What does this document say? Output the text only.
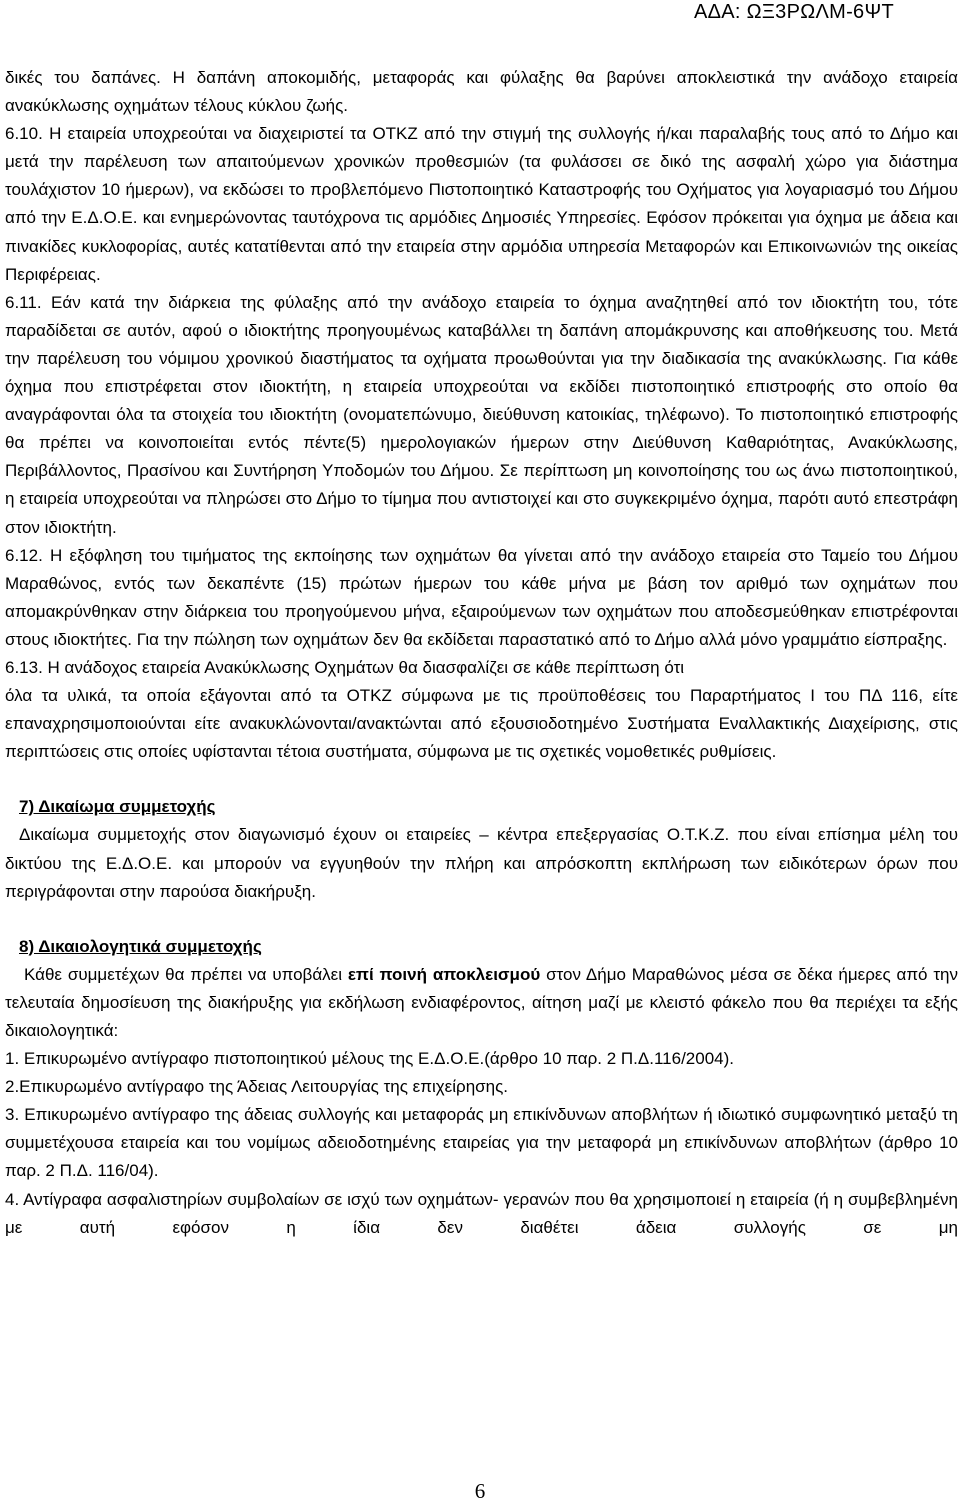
ΑΔΑ: ΩΞ3ΡΩΛΜ-6ΨΤ

δικές του δαπάνες. Η δαπάνη αποκομιδής, μεταφοράς και φύλαξης θα βαρύνει αποκλειστικά την ανάδοχο εταιρεία ανακύκλωσης οχημάτων τέλους κύκλου ζωής.

6.10. Η εταιρεία υποχρεούται να διαχειριστεί τα ΟΤΚΖ από την στιγμή της συλλογής ή/και παραλαβής τους από το Δήμο και μετά την παρέλευση των απαιτούμενων χρονικών προθεσμιών (τα φυλάσσει σε δικό της ασφαλή χώρο για διάστημα τουλάχιστον 10 ήμερων), να εκδώσει το προβλεπόμενο Πιστοποιητικό Καταστροφής του Οχήματος για λογαριασμό του Δήμου από την Ε.Δ.Ο.Ε. και ενημερώνοντας ταυτόχρονα τις αρμόδιες Δημοσιές Υπηρεσίες. Εφόσον πρόκειται για όχημα με άδεια και πινακίδες κυκλοφορίας, αυτές κατατίθενται από την εταιρεία στην αρμόδια υπηρεσία Μεταφορών και Επικοινωνιών της οικείας Περιφέρειας.

6.11. Εάν κατά την διάρκεια της φύλαξης από την ανάδοχο εταιρεία το όχημα αναζητηθεί από τον ιδιοκτήτη του, τότε παραδίδεται σε αυτόν, αφού ο ιδιοκτήτης προηγουμένως καταβάλλει τη δαπάνη απομάκρυνσης και αποθήκευσης του. Μετά την παρέλευση του νόμιμου χρονικού διαστήματος τα οχήματα προωθούνται για την διαδικασία της ανακύκλωσης. Για κάθε όχημα που επιστρέφεται στον ιδιοκτήτη, η εταιρεία υποχρεούται να εκδίδει πιστοποιητικό επιστροφής στο οποίο θα αναγράφονται όλα τα στοιχεία του ιδιοκτήτη (ονοματεπώνυμο, διεύθυνση κατοικίας, τηλέφωνο). Το πιστοποιητικό επιστροφής θα πρέπει να κοινοποιείται εντός πέντε(5) ημερολογιακών ήμερων στην Διεύθυνση Καθαριότητας, Ανακύκλωσης, Περιβάλλοντος, Πρασίνου και Συντήρηση Υποδομών του Δήμου. Σε περίπτωση μη κοινοποίησης του ως άνω πιστοποιητικού, η εταιρεία υποχρεούται να πληρώσει στο Δήμο το τίμημα που αντιστοιχεί και στο συγκεκριμένο όχημα, παρότι αυτό επεστράφη στον ιδιοκτήτη.

6.12. Η εξόφληση του τιμήματος της εκποίησης των οχημάτων θα γίνεται από την ανάδοχο εταιρεία στο Ταμείο του Δήμου Μαραθώνος, εντός των δεκαπέντε (15) πρώτων ήμερων του κάθε μήνα με βάση τον αριθμό των οχημάτων που απομακρύνθηκαν στην διάρκεια του προηγούμενου μήνα, εξαιρούμενων των οχημάτων που αποδεσμεύθηκαν επιστρέφονται στους ιδιοκτήτες. Για την πώληση των οχημάτων δεν θα εκδίδεται παραστατικό από το Δήμο αλλά μόνο γραμμάτιο είσπραξης.

6.13. Η ανάδοχος εταιρεία Ανακύκλωσης Οχημάτων θα διασφαλίζει σε κάθε περίπτωση ότι

όλα τα υλικά, τα οποία εξάγονται από τα ΟΤΚΖ σύμφωνα με τις προϋποθέσεις του Παραρτήματος Ι του ΠΔ 116, είτε επαναχρησιμοποιούνται είτε ανακυκλώνονται/ανακτώνται από εξουσιοδοτημένο Συστήματα Εναλλακτικής Διαχείρισης, στις περιπτώσεις στις οποίες υφίστανται τέτοια συστήματα, σύμφωνα με τις σχετικές νομοθετικές ρυθμίσεις.

7) Δικαίωμα συμμετοχής

Δικαίωμα συμμετοχής στον διαγωνισμό έχουν οι εταιρείες – κέντρα επεξεργασίας Ο.Τ.Κ.Ζ. που είναι επίσημα μέλη του δικτύου της Ε.Δ.Ο.Ε. και μπορούν να εγγυηθούν την πλήρη και απρόσκοπτη εκπλήρωση των ειδικότερων όρων που περιγράφονται στην παρούσα διακήρυξη.

8) Δικαιολογητικά συμμετοχής

Κάθε συμμετέχων θα πρέπει να υποβάλει επί ποινή αποκλεισμού στον Δήμο Μαραθώνος μέσα σε δέκα ήμερες από την τελευταία δημοσίευση της διακήρυξης για εκδήλωση ενδιαφέροντος, αίτηση μαζί με κλειστό φάκελο που θα περιέχει τα εξής δικαιολογητικά:

1. Επικυρωμένο αντίγραφο πιστοποιητικού μέλους της Ε.Δ.Ο.Ε.(άρθρο 10 παρ. 2 Π.Δ.116/2004).

2.Επικυρωμένο αντίγραφο της Άδειας Λειτουργίας της επιχείρησης.

3. Επικυρωμένο αντίγραφο της άδειας συλλογής και μεταφοράς μη επικίνδυνων αποβλήτων ή ιδιωτικό συμφωνητικό μεταξύ τη συμμετέχουσα εταιρεία και του νομίμως αδειοδοτημένης εταιρείας για την μεταφορά μη επικίνδυνων αποβλήτων (άρθρο 10 παρ. 2 Π.Δ. 116/04).

4. Αντίγραφα ασφαλιστηρίων συμβολαίων σε ισχύ των οχημάτων- γερανών που θα χρησιμοποιεί η εταιρεία (ή η συμβεβλημένη με αυτή εφόσον η ίδια δεν διαθέτει άδεια συλλογής σε μη

6
